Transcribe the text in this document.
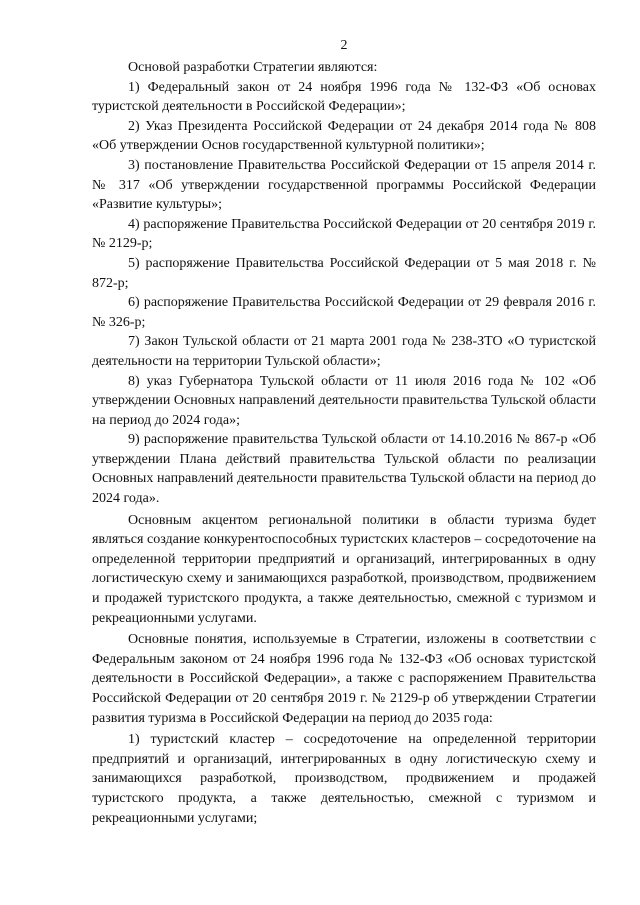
2

Основой разработки Стратегии являются:

1) Федеральный закон от 24 ноября 1996 года № 132-ФЗ «Об основах туристской деятельности в Российской Федерации»;

2) Указ Президента Российской Федерации от 24 декабря 2014 года № 808 «Об утверждении Основ государственной культурной политики»;

3) постановление Правительства Российской Федерации от 15 апреля 2014 г. № 317 «Об утверждении государственной программы Российской Федерации «Развитие культуры»;

4) распоряжение Правительства Российской Федерации от 20 сентября 2019 г. № 2129-р;

5) распоряжение Правительства Российской Федерации от 5 мая 2018 г. № 872-р;

6) распоряжение Правительства Российской Федерации от 29 февраля 2016 г. № 326-р;

7) Закон Тульской области от 21 марта 2001 года № 238-ЗТО «О туристской деятельности на территории Тульской области»;

8) указ Губернатора Тульской области от 11 июля 2016 года № 102 «Об утверждении Основных направлений деятельности правительства Тульской области на период до 2024 года»;

9) распоряжение правительства Тульской области от 14.10.2016 № 867-р «Об утверждении Плана действий правительства Тульской области по реализации Основных направлений деятельности правительства Тульской области на период до 2024 года».

Основным акцентом региональной политики в области туризма будет являться создание конкурентоспособных туристских кластеров – сосредоточение на определенной территории предприятий и организаций, интегрированных в одну логистическую схему и занимающихся разработкой, производством, продвижением и продажей туристского продукта, а также деятельностью, смежной с туризмом и рекреационными услугами.

Основные понятия, используемые в Стратегии, изложены в соответствии с Федеральным законом от 24 ноября 1996 года № 132-ФЗ «Об основах туристской деятельности в Российской Федерации», а также с распоряжением Правительства Российской Федерации от 20 сентября 2019 г. № 2129-р об утверждении Стратегии развития туризма в Российской Федерации на период до 2035 года:

1) туристский кластер – сосредоточение на определенной территории предприятий и организаций, интегрированных в одну логистическую схему и занимающихся разработкой, производством, продвижением и продажей туристского продукта, а также деятельностью, смежной с туризмом и рекреационными услугами;
